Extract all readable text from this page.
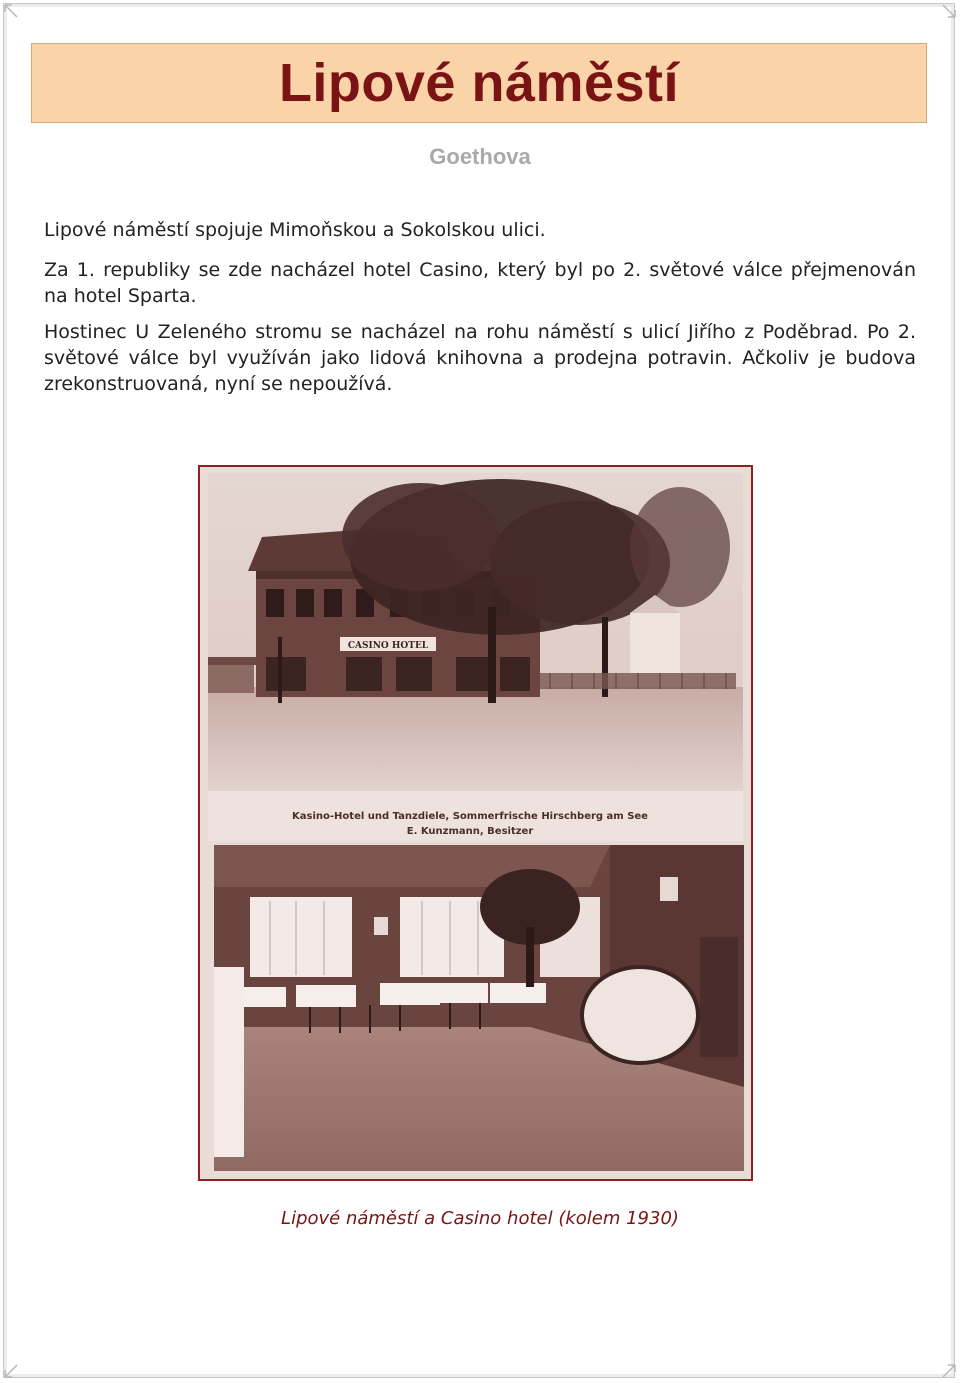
Lipové náměstí
Goethova

Lipové náměstí spojuje Mimoňskou a Sokolskou ulici.

Za 1. republiky se zde nacházel hotel Casino, který byl po 2. světové válce přejmenován na hotel Sparta.

Hostinec U Zeleného stromu se nacházel na rohu náměstí s ulicí Jiřího z Poděbrad. Po 2. světové válce byl využíván jako lidová knihovna a prodejna potravin. Ačkoliv je budova zrekonstruovaná, nyní se nepoužívá.

CASINO HOTEL
Kasino-Hotel und Tanzdiele, Sommerfrische Hirschberg am See
E. Kunzmann, Besitzer
Lipové náměstí a Casino hotel (kolem 1930)
